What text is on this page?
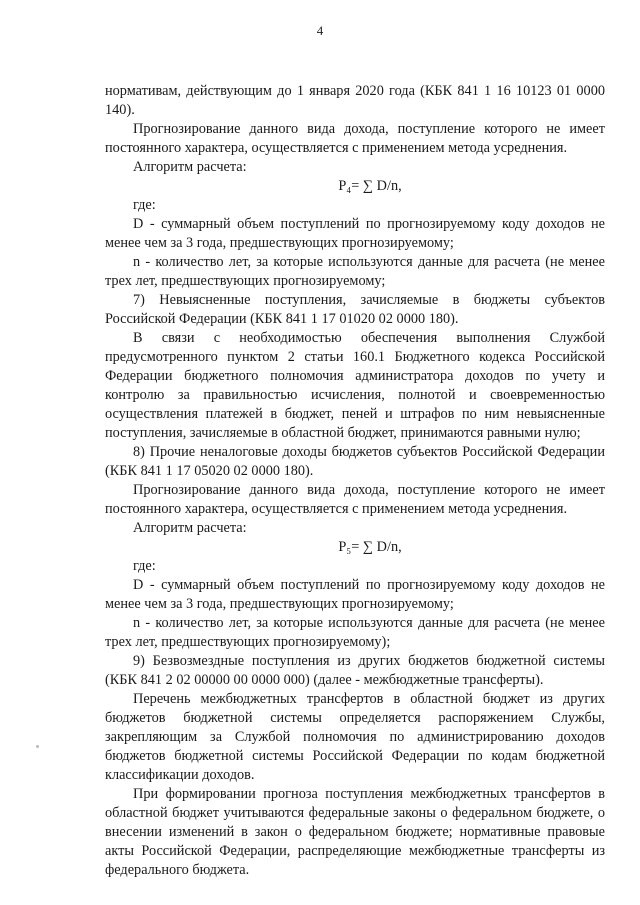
4

нормативам, действующим до 1 января 2020 года (КБК 841 1 16 10123 01 0000 140).

Прогнозирование данного вида дохода, поступление которого не имеет постоянного характера, осуществляется с применением метода усреднения.

Алгоритм расчета:

P₄= ∑ D/n,

где:

D - суммарный объем поступлений по прогнозируемому коду доходов не менее чем за 3 года, предшествующих прогнозируемому;

n - количество лет, за которые используются данные для расчета (не менее трех лет, предшествующих прогнозируемому;

7) Невыясненные поступления, зачисляемые в бюджеты субъектов Российской Федерации (КБК 841 1 17 01020 02 0000 180).

В связи с необходимостью обеспечения выполнения Службой предусмотренного пунктом 2 статьи 160.1 Бюджетного кодекса Российской Федерации бюджетного полномочия администратора доходов по учету и контролю за правильностью исчисления, полнотой и своевременностью осуществления платежей в бюджет, пеней и штрафов по ним невыясненные поступления, зачисляемые в областной бюджет, принимаются равными нулю;

8) Прочие неналоговые доходы бюджетов субъектов Российской Федерации (КБК 841 1 17 05020 02 0000 180).

Прогнозирование данного вида дохода, поступление которого не имеет постоянного характера, осуществляется с применением метода усреднения.

Алгоритм расчета:

P₅= ∑ D/n,

где:

D - суммарный объем поступлений по прогнозируемому коду доходов не менее чем за 3 года, предшествующих прогнозируемому;

n - количество лет, за которые используются данные для расчета (не менее трех лет, предшествующих прогнозируемому);

9) Безвозмездные поступления из других бюджетов бюджетной системы (КБК 841 2 02 00000 00 0000 000) (далее - межбюджетные трансферты).

Перечень межбюджетных трансфертов в областной бюджет из других бюджетов бюджетной системы определяется распоряжением Службы, закрепляющим за Службой полномочия по администрированию доходов бюджетов бюджетной системы Российской Федерации по кодам бюджетной классификации доходов.

При формировании прогноза поступления межбюджетных трансфертов в областной бюджет учитываются федеральные законы о федеральном бюджете, о внесении изменений в закон о федеральном бюджете; нормативные правовые акты Российской Федерации, распределяющие межбюджетные трансферты из федерального бюджета.
